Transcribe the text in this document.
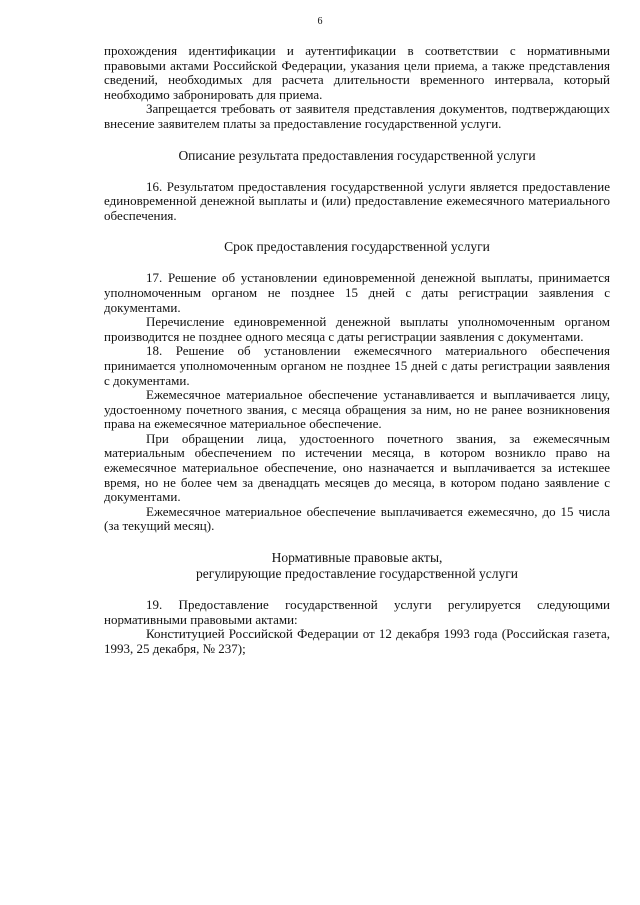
6

прохождения идентификации и аутентификации в соответствии с нормативными правовыми актами Российской Федерации, указания цели приема, а также представления сведений, необходимых для расчета длительности временного интервала, который необходимо забронировать для приема.

Запрещается требовать от заявителя представления документов, подтверждающих внесение заявителем платы за предоставление государственной услуги.

Описание результата предоставления государственной услуги

16. Результатом предоставления государственной услуги является предоставление единовременной денежной выплаты и (или) предоставление ежемесячного материального обеспечения.

Срок предоставления государственной услуги

17. Решение об установлении единовременной денежной выплаты, принимается уполномоченным органом не позднее 15 дней с даты регистрации заявления с документами.

Перечисление единовременной денежной выплаты уполномоченным органом производится не позднее одного месяца с даты регистрации заявления с документами.

18. Решение об установлении ежемесячного материального обеспечения принимается уполномоченным органом не позднее 15 дней с даты регистрации заявления с документами.

Ежемесячное материальное обеспечение устанавливается и выплачивается лицу, удостоенному почетного звания, с месяца обращения за ним, но не ранее возникновения права на ежемесячное материальное обеспечение.

При обращении лица, удостоенного почетного звания, за ежемесячным материальным обеспечением по истечении месяца, в котором возникло право на ежемесячное материальное обеспечение, оно назначается и выплачивается за истекшее время, но не более чем за двенадцать месяцев до месяца, в котором подано заявление с документами.

Ежемесячное материальное обеспечение выплачивается ежемесячно, до 15 числа (за текущий месяц).

Нормативные правовые акты,

регулирующие предоставление государственной услуги

19. Предоставление государственной услуги регулируется следующими нормативными правовыми актами:

Конституцией Российской Федерации от 12 декабря 1993 года (Российская газета, 1993, 25 декабря, № 237);
